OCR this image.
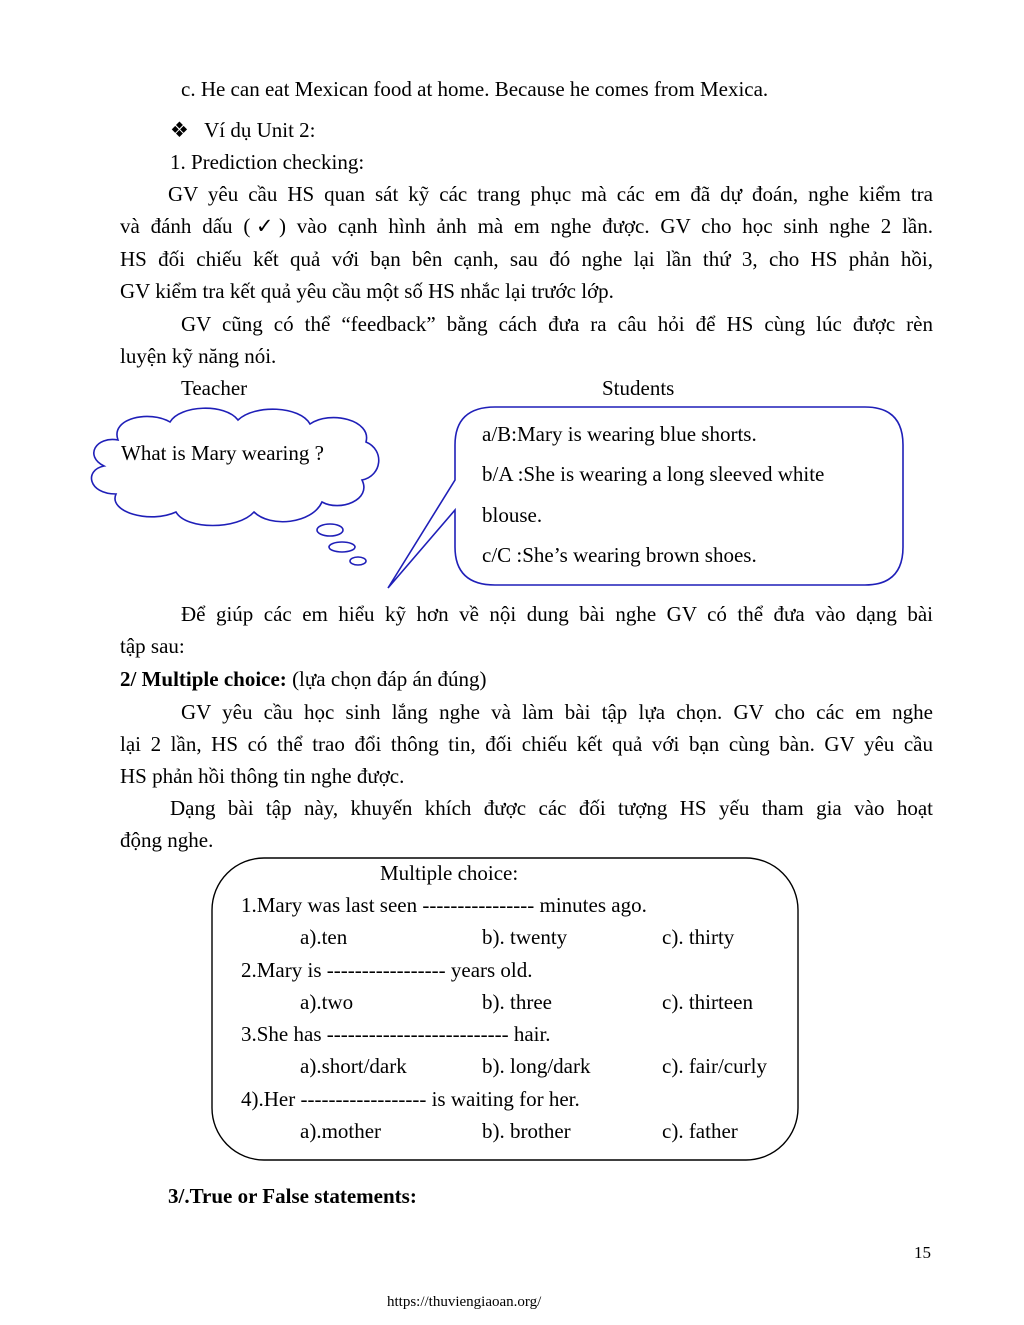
c. He can eat Mexican food at home. Because he comes from Mexica.
❖ Ví dụ Unit 2:
1. Prediction checking:
GV yêu cầu HS quan sát kỹ các trang phục mà các em đã dự đoán, nghe kiểm tra
và đánh dấu (✓) vào cạnh hình ảnh mà em nghe được. GV cho học sinh nghe 2 lần.
HS đối chiếu kết quả với bạn bên cạnh, sau đó nghe lại lần thứ 3, cho HS phản hồi,
GV kiểm tra kết quả yêu cầu một số HS nhắc lại trước lớp.
GV cũng có thể “feedback” bằng cách đưa ra câu hỏi để HS cùng lúc được rèn
luyện kỹ năng nói.
Teacher	Students
What is Mary wearing ?
a/B:Mary is wearing blue shorts.
b/A :She is wearing a long sleeved white
blouse.
c/C :She’s wearing brown shoes.
Để giúp các em hiểu kỹ hơn về nội dung bài nghe GV có thể đưa vào dạng bài
tập sau:
2/ Multiple choice: (lựa chọn đáp án đúng)
GV yêu cầu học sinh lắng nghe và làm bài tập lựa chọn. GV cho các em nghe
lại 2 lần, HS có thể trao đổi thông tin, đối chiếu kết quả với bạn cùng bàn. GV yêu cầu
HS phản hồi thông tin nghe được.
Dạng bài tập này, khuyến khích được các đối tượng HS yếu tham gia vào hoạt
động nghe.
Multiple choice:
1.Mary was last seen ---------------- minutes ago.
a).ten	b). twenty	c). thirty
2.Mary is ----------------- years old.
a).two	b). three	c). thirteen
3.She has -------------------------- hair.
a).short/dark	b). long/dark	c). fair/curly
4).Her ------------------ is waiting for her.
a).mother	b). brother	c). father
3/.True or False statements:
15
https://thuviengiaoan.org/
